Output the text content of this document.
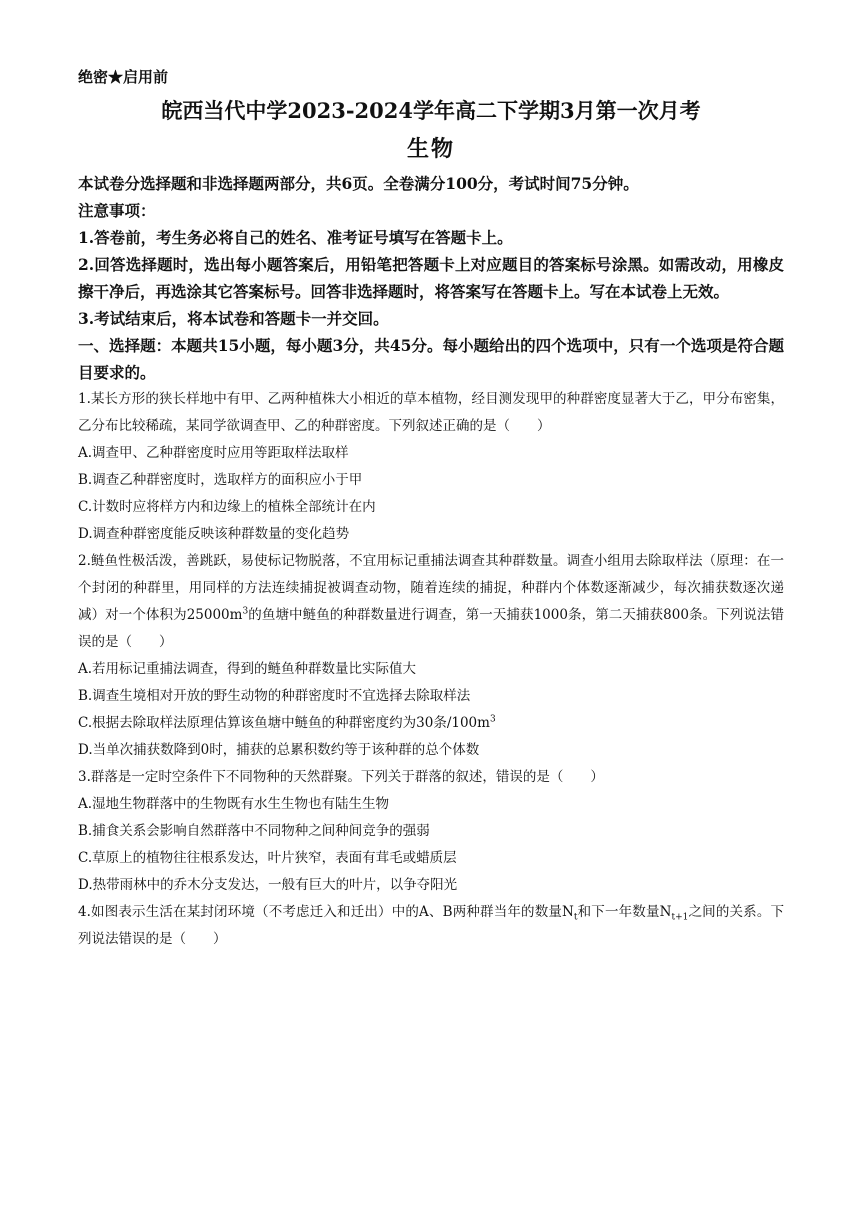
绝密★启用前

皖西当代中学2023-2024学年高二下学期3月第一次月考

生物

本试卷分选择题和非选择题两部分，共6页。全卷满分100分，考试时间75分钟。

注意事项：

1.答卷前，考生务必将自己的姓名、准考证号填写在答题卡上。

2.回答选择题时，选出每小题答案后，用铅笔把答题卡上对应题目的答案标号涂黑。如需改动，用橡皮擦干净后，再选涂其它答案标号。回答非选择题时，将答案写在答题卡上。写在本试卷上无效。

3.考试结束后，将本试卷和答题卡一并交回。

一、选择题：本题共15小题，每小题3分，共45分。每小题给出的四个选项中，只有一个选项是符合题目要求的。

1.某长方形的狭长样地中有甲、乙两种植株大小相近的草本植物，经目测发现甲的种群密度显著大于乙，甲分布密集，乙分布比较稀疏，某同学欲调查甲、乙的种群密度。下列叙述正确的是（　　）

A.调查甲、乙种群密度时应用等距取样法取样

B.调查乙种群密度时，选取样方的面积应小于甲

C.计数时应将样方内和边缘上的植株全部统计在内

D.调查种群密度能反映该种群数量的变化趋势

2.鲢鱼性极活泼，善跳跃，易使标记物脱落，不宜用标记重捕法调查其种群数量。调查小组用去除取样法（原理：在一个封闭的种群里，用同样的方法连续捕捉被调查动物，随着连续的捕捉，种群内个体数逐渐减少，每次捕获数逐次递减）对一个体积为$25000m^3$的鱼塘中鲢鱼的种群数量进行调查，第一天捕获1000条，第二天捕获800条。下列说法错误的是（　　）

A.若用标记重捕法调查，得到的鲢鱼种群数量比实际值大

B.调查生境相对开放的野生动物的种群密度时不宜选择去除取样法

C.根据去除取样法原理估算该鱼塘中鲢鱼的种群密度约为30条$/100m^3$

D.当单次捕获数降到0时，捕获的总累积数约等于该种群的总个体数

3.群落是一定时空条件下不同物种的天然群聚。下列关于群落的叙述，错误的是（　　）

A.湿地生物群落中的生物既有水生生物也有陆生生物

B.捕食关系会影响自然群落中不同物种之间种间竞争的强弱

C.草原上的植物往往根系发达，叶片狭窄，表面有茸毛或蜡质层

D.热带雨林中的乔木分支发达，一般有巨大的叶片，以争夺阳光

4.如图表示生活在某封闭环境（不考虑迁入和迁出）中的A、B两种群当年的数量$N_t$和下一年数量$N_{t+1}$之间的关系。下列说法错误的是（　　）
